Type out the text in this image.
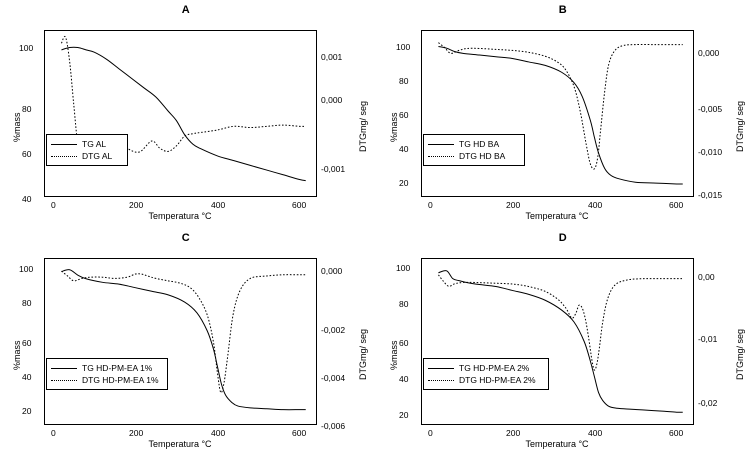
A
40
60
80
100
-0,001
0,000
0,001
0	200	400	600
Temperatura °C
%mass	DTGmg/ seg
TG AL
DTG AL
B
20
40
60
80
100
-0,015
-0,010
-0,005
0,000
0	200	400	600
Temperatura °C
%mass	DTGmg/ seg
TG HD BA
DTG HD BA
C
20
40
60
80
100
-0,006
-0,004
-0,002
0,000
0	200	400	600
Temperatura °C
%mass	DTGmg/ seg
TG HD-PM-EA 1%
DTG HD-PM-EA 1%
D
20
40
60
80
100
-0,02
-0,01
0,00
0	200	400	600
Temperatura °C
%mass	DTGmg/ seg
TG HD-PM-EA 2%
DTG HD-PM-EA 2%
